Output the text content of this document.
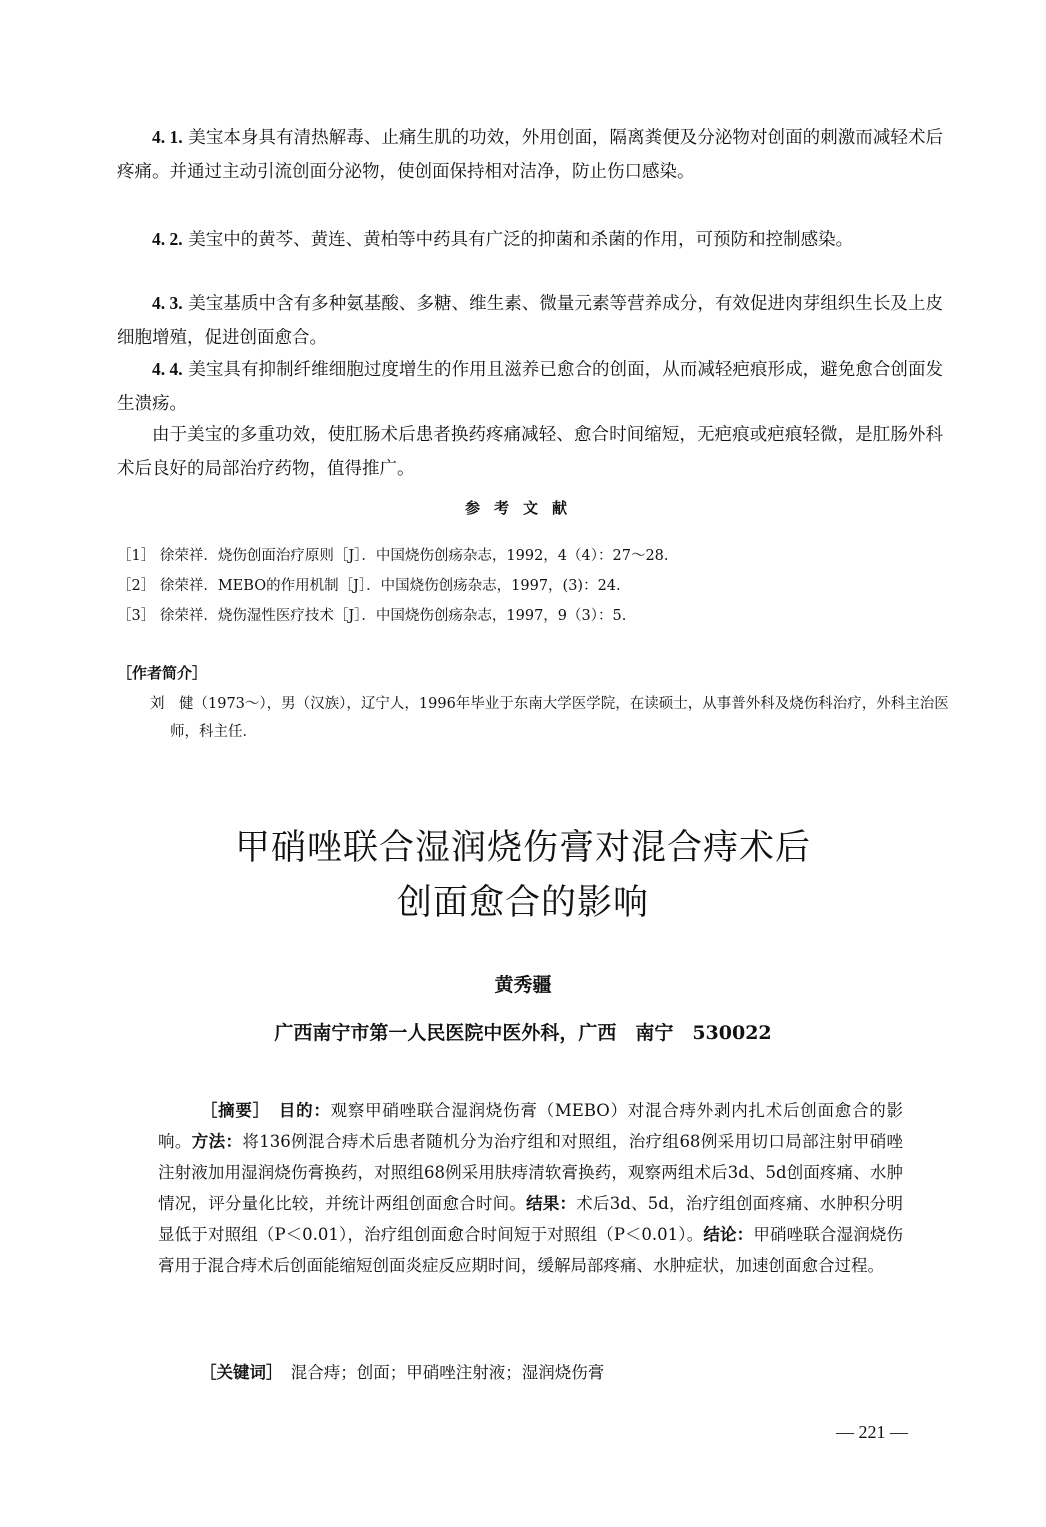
4. 1. 美宝本身具有清热解毒、止痛生肌的功效，外用创面，隔离粪便及分泌物对创面的刺激而减轻术后疼痛。并通过主动引流创面分泌物，使创面保持相对洁净，防止伤口感染。

4. 2. 美宝中的黄芩、黄连、黄柏等中药具有广泛的抑菌和杀菌的作用，可预防和控制感染。

4. 3. 美宝基质中含有多种氨基酸、多糖、维生素、微量元素等营养成分，有效促进肉芽组织生长及上皮细胞增殖，促进创面愈合。

4. 4. 美宝具有抑制纤维细胞过度增生的作用且滋养已愈合的创面，从而减轻疤痕形成，避免愈合创面发生溃疡。

由于美宝的多重功效，使肛肠术后患者换药疼痛减轻、愈合时间缩短，无疤痕或疤痕轻微，是肛肠外科术后良好的局部治疗药物，值得推广。

参考文献
［1］ 徐荣祥．烧伤创面治疗原则［J］．中国烧伤创疡杂志，1992，4（4）：27～28.
［2］ 徐荣祥．MEBO的作用机制［J］．中国烧伤创疡杂志，1997，(3)：24.
［3］ 徐荣祥．烧伤湿性医疗技术［J］．中国烧伤创疡杂志，1997，9（3）：5.
［作者简介］

刘　健（1973～），男（汉族），辽宁人，1996年毕业于东南大学医学院，在读硕士，从事普外科及烧伤科治疗，外科主治医师，科主任．

甲硝唑联合湿润烧伤膏对混合痔术后
创面愈合的影响
黄秀疆
广西南宁市第一人民医院中医外科，广西　南宁　530022

［摘要］　 目的：观察甲硝唑联合湿润烧伤膏（MEBO）对混合痔外剥内扎术后创面愈合的影响。方法：将136例混合痔术后患者随机分为治疗组和对照组，治疗组68例采用切口局部注射甲硝唑注射液加用湿润烧伤膏换药，对照组68例采用肤痔清软膏换药，观察两组术后3d、5d创面疼痛、水肿情况，评分量化比较，并统计两组创面愈合时间。结果：术后3d、5d，治疗组创面疼痛、水肿积分明显低于对照组（P＜0.01），治疗组创面愈合时间短于对照组（P＜0.01）。结论：甲硝唑联合湿润烧伤膏用于混合痔术后创面能缩短创面炎症反应期时间，缓解局部疼痛、水肿症状，加速创面愈合过程。

［关键词］　 混合痔；创面；甲硝唑注射液；湿润烧伤膏

— 221 —
